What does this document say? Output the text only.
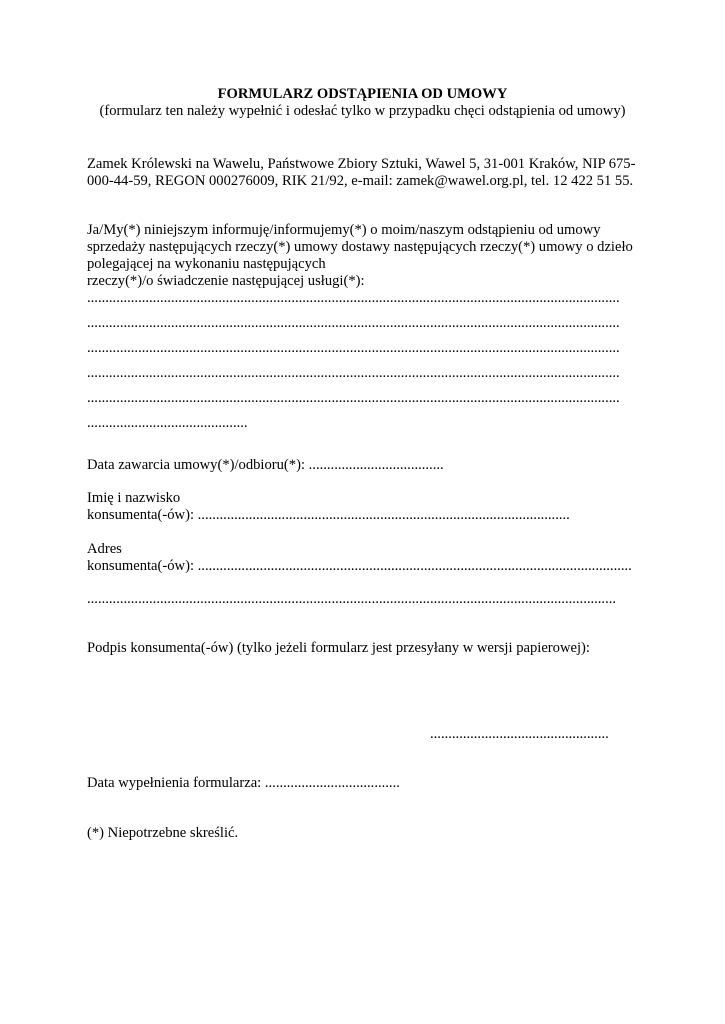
FORMULARZ ODSTĄPIENIA OD UMOWY
(formularz ten należy wypełnić i odesłać tylko w przypadku chęci odstąpienia od umowy)
Zamek Królewski na Wawelu, Państwowe Zbiory Sztuki, Wawel 5, 31-001 Kraków, NIP 675-
000-44-59, REGON 000276009, RIK 21/92, e-mail: zamek@wawel.org.pl, tel. 12 422 51 55.
Ja/My(*) niniejszym informuję/informujemy(*) o moim/naszym odstąpieniu od umowy
sprzedaży następujących rzeczy(*) umowy dostawy następujących rzeczy(*) umowy o dzieło
polegającej na wykonaniu następujących
rzeczy(*)/o świadczenie następującej usługi(*):
..................................................................................................................................................
..................................................................................................................................................
..................................................................................................................................................
..................................................................................................................................................
..................................................................................................................................................
............................................
Data zawarcia umowy(*)/odbioru(*): .....................................
Imię i nazwisko
konsumenta(-ów): ......................................................................................................
Adres
konsumenta(-ów): .......................................................................................................................
.................................................................................................................................................
Podpis konsumenta(-ów) (tylko jeżeli formularz jest przesyłany w wersji papierowej):
.................................................
Data wypełnienia formularza: .....................................
(*) Niepotrzebne skreślić.
